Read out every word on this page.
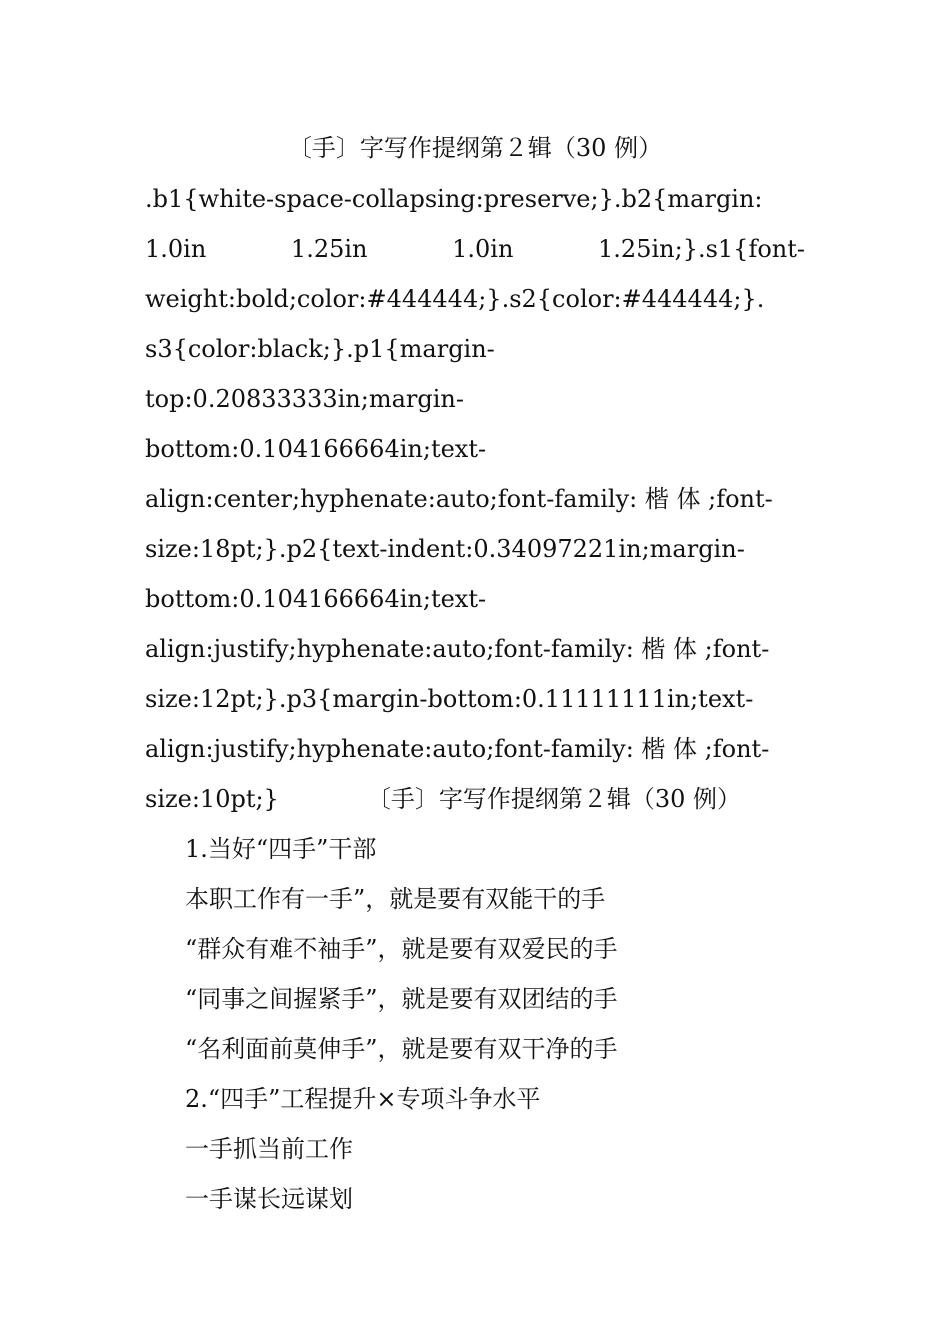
〔手〕字写作提纲第２辑（30 例）
.b1{white-space-collapsing:preserve;}.b2{margin:
1.0in	1.25in	1.0in	1.25in;}.s1{font-
weight:bold;color:#444444;}.s2{color:#444444;}.
s3{color:black;}.p1{margin-
top:0.20833333in;margin-
bottom:0.104166664in;text-
align:center;hyphenate:auto;font-family: 楷 体 ;font-
size:18pt;}.p2{text-indent:0.34097221in;margin-
bottom:0.104166664in;text-
align:justify;hyphenate:auto;font-family: 楷 体 ;font-
size:12pt;}.p3{margin-bottom:0.11111111in;text-
align:justify;hyphenate:auto;font-family: 楷 体 ;font-
size:10pt;}	〔手〕字写作提纲第２辑（30 例）
1.当好“四手”干部
本职工作有一手”，就是要有双能干的手
“群众有难不袖手”，就是要有双爱民的手
“同事之间握紧手”，就是要有双团结的手
“名利面前莫伸手”，就是要有双干净的手
2.“四手”工程提升×专项斗争水平
一手抓当前工作
一手谋长远谋划
